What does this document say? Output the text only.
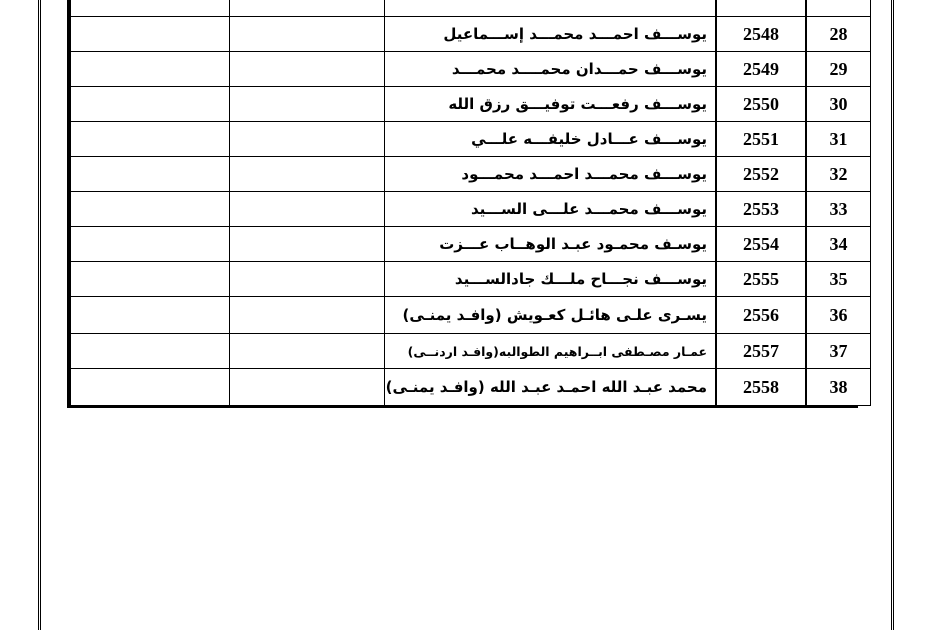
		يوســـف احمـــد محمـــد إســـماعيل	2548	28
		يوســـف حمـــدان محمــــد محمـــد	2549	29
		يوســـف رفعـــت توفيـــق رزق الله	2550	30
		يوســـف عـــادل خليفـــه علـــي	2551	31
		يوســـف محمـــد احمـــد محمـــود	2552	32
		يوســـف محمـــد علـــى الســـيد	2553	33
		يوسـف محمـود عبـد الوهــاب عـــزت	2554	34
		يوســـف نجـــاح ملـــك جادالســـيد	2555	35
		يسـرى علـى هائـل كعـويش (وافـد يمنـى)	2556	36
		عمـار مصـطفى ابــراهيم الطوالبه(وافـد اردنــى)	2557	37
		محمد عبـد الله احمـد عبـد الله (وافـد يمنـى)	2558	38
